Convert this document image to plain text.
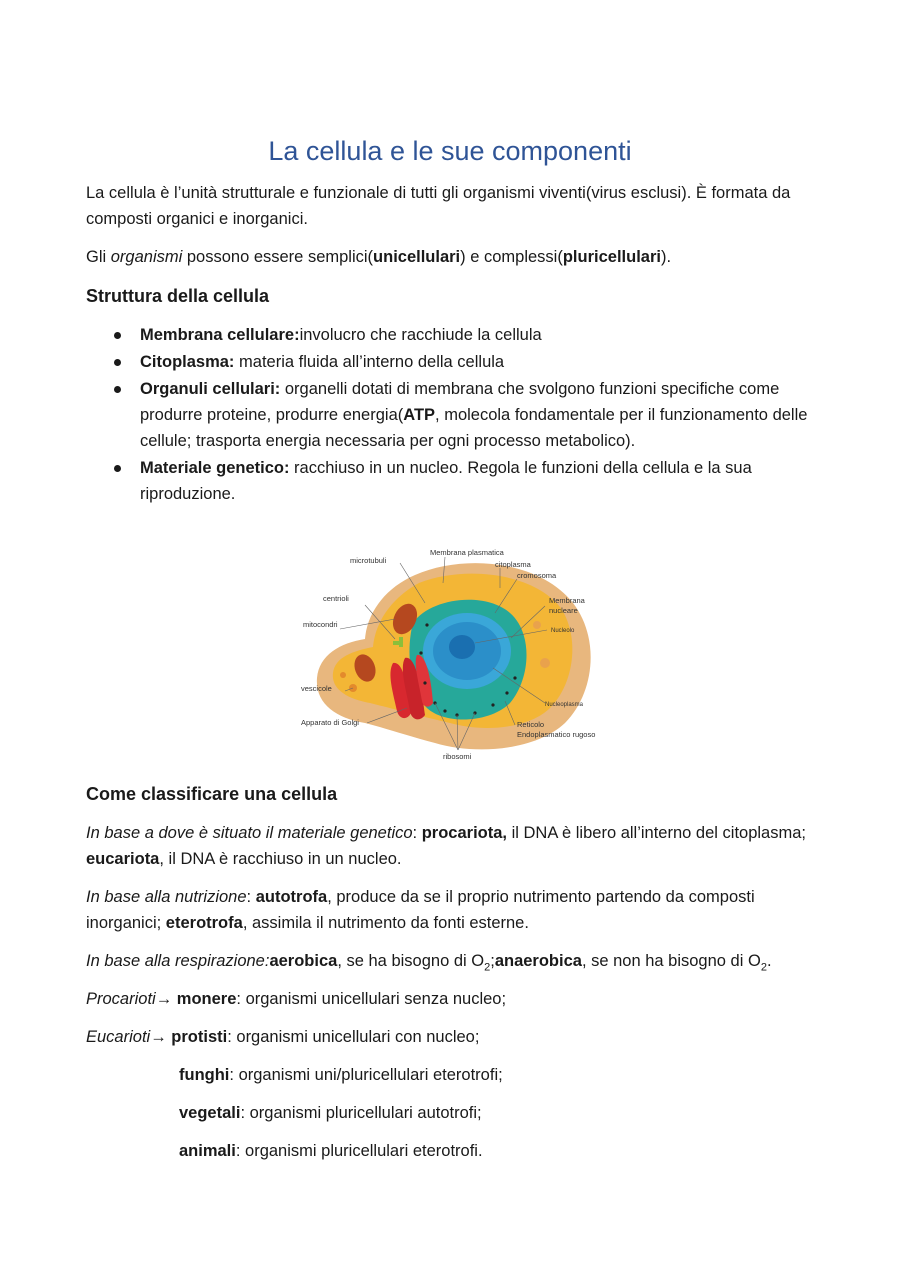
La cellula e le sue componenti

La cellula è l’unità strutturale e funzionale di tutti gli organismi viventi(virus esclusi). È formata da composti organici e inorganici.

Gli organismi possono essere semplici(unicellulari) e complessi(pluricellulari).

Struttura della cellula
Membrana cellulare:involucro che racchiude la cellula
Citoplasma: materia fluida all’interno della cellula
Organuli cellulari: organelli dotati di membrana che svolgono funzioni specifiche come produrre proteine, produrre energia(ATP, molecola fondamentale per il funzionamento delle cellule; trasporta energia necessaria per ogni processo metabolico).
Materiale genetico: racchiuso in un nucleo. Regola le funzioni della cellula e la sua riproduzione.
microtubuli
Membrana plasmatica
citoplasma
cromosoma
centrioli	Membrana
nucleare
mitocondri
Nucleolo
vescicole
Nucleoplasma
Apparato di Golgi	Reticolo
Endoplasmatico rugoso
ribosomi
Come classificare una cellula

In base a dove è situato il materiale genetico: procariota, il DNA è libero all’interno del citoplasma; eucariota, il DNA è racchiuso in un nucleo.

In base alla nutrizione: autotrofa, produce da se il proprio nutrimento partendo da composti inorganici; eterotrofa, assimila il nutrimento da fonti esterne.

In base alla respirazione:aerobica, se ha bisogno di $O_2;anaerobica$, se non ha bisogno di $O_2$.

Procarioti→ monere: organismi unicellulari senza nucleo;

Eucarioti→ protisti: organismi unicellulari con nucleo;

funghi: organismi uni/pluricellulari eterotrofi;

vegetali: organismi pluricellulari autotrofi;

animali: organismi pluricellulari eterotrofi.
